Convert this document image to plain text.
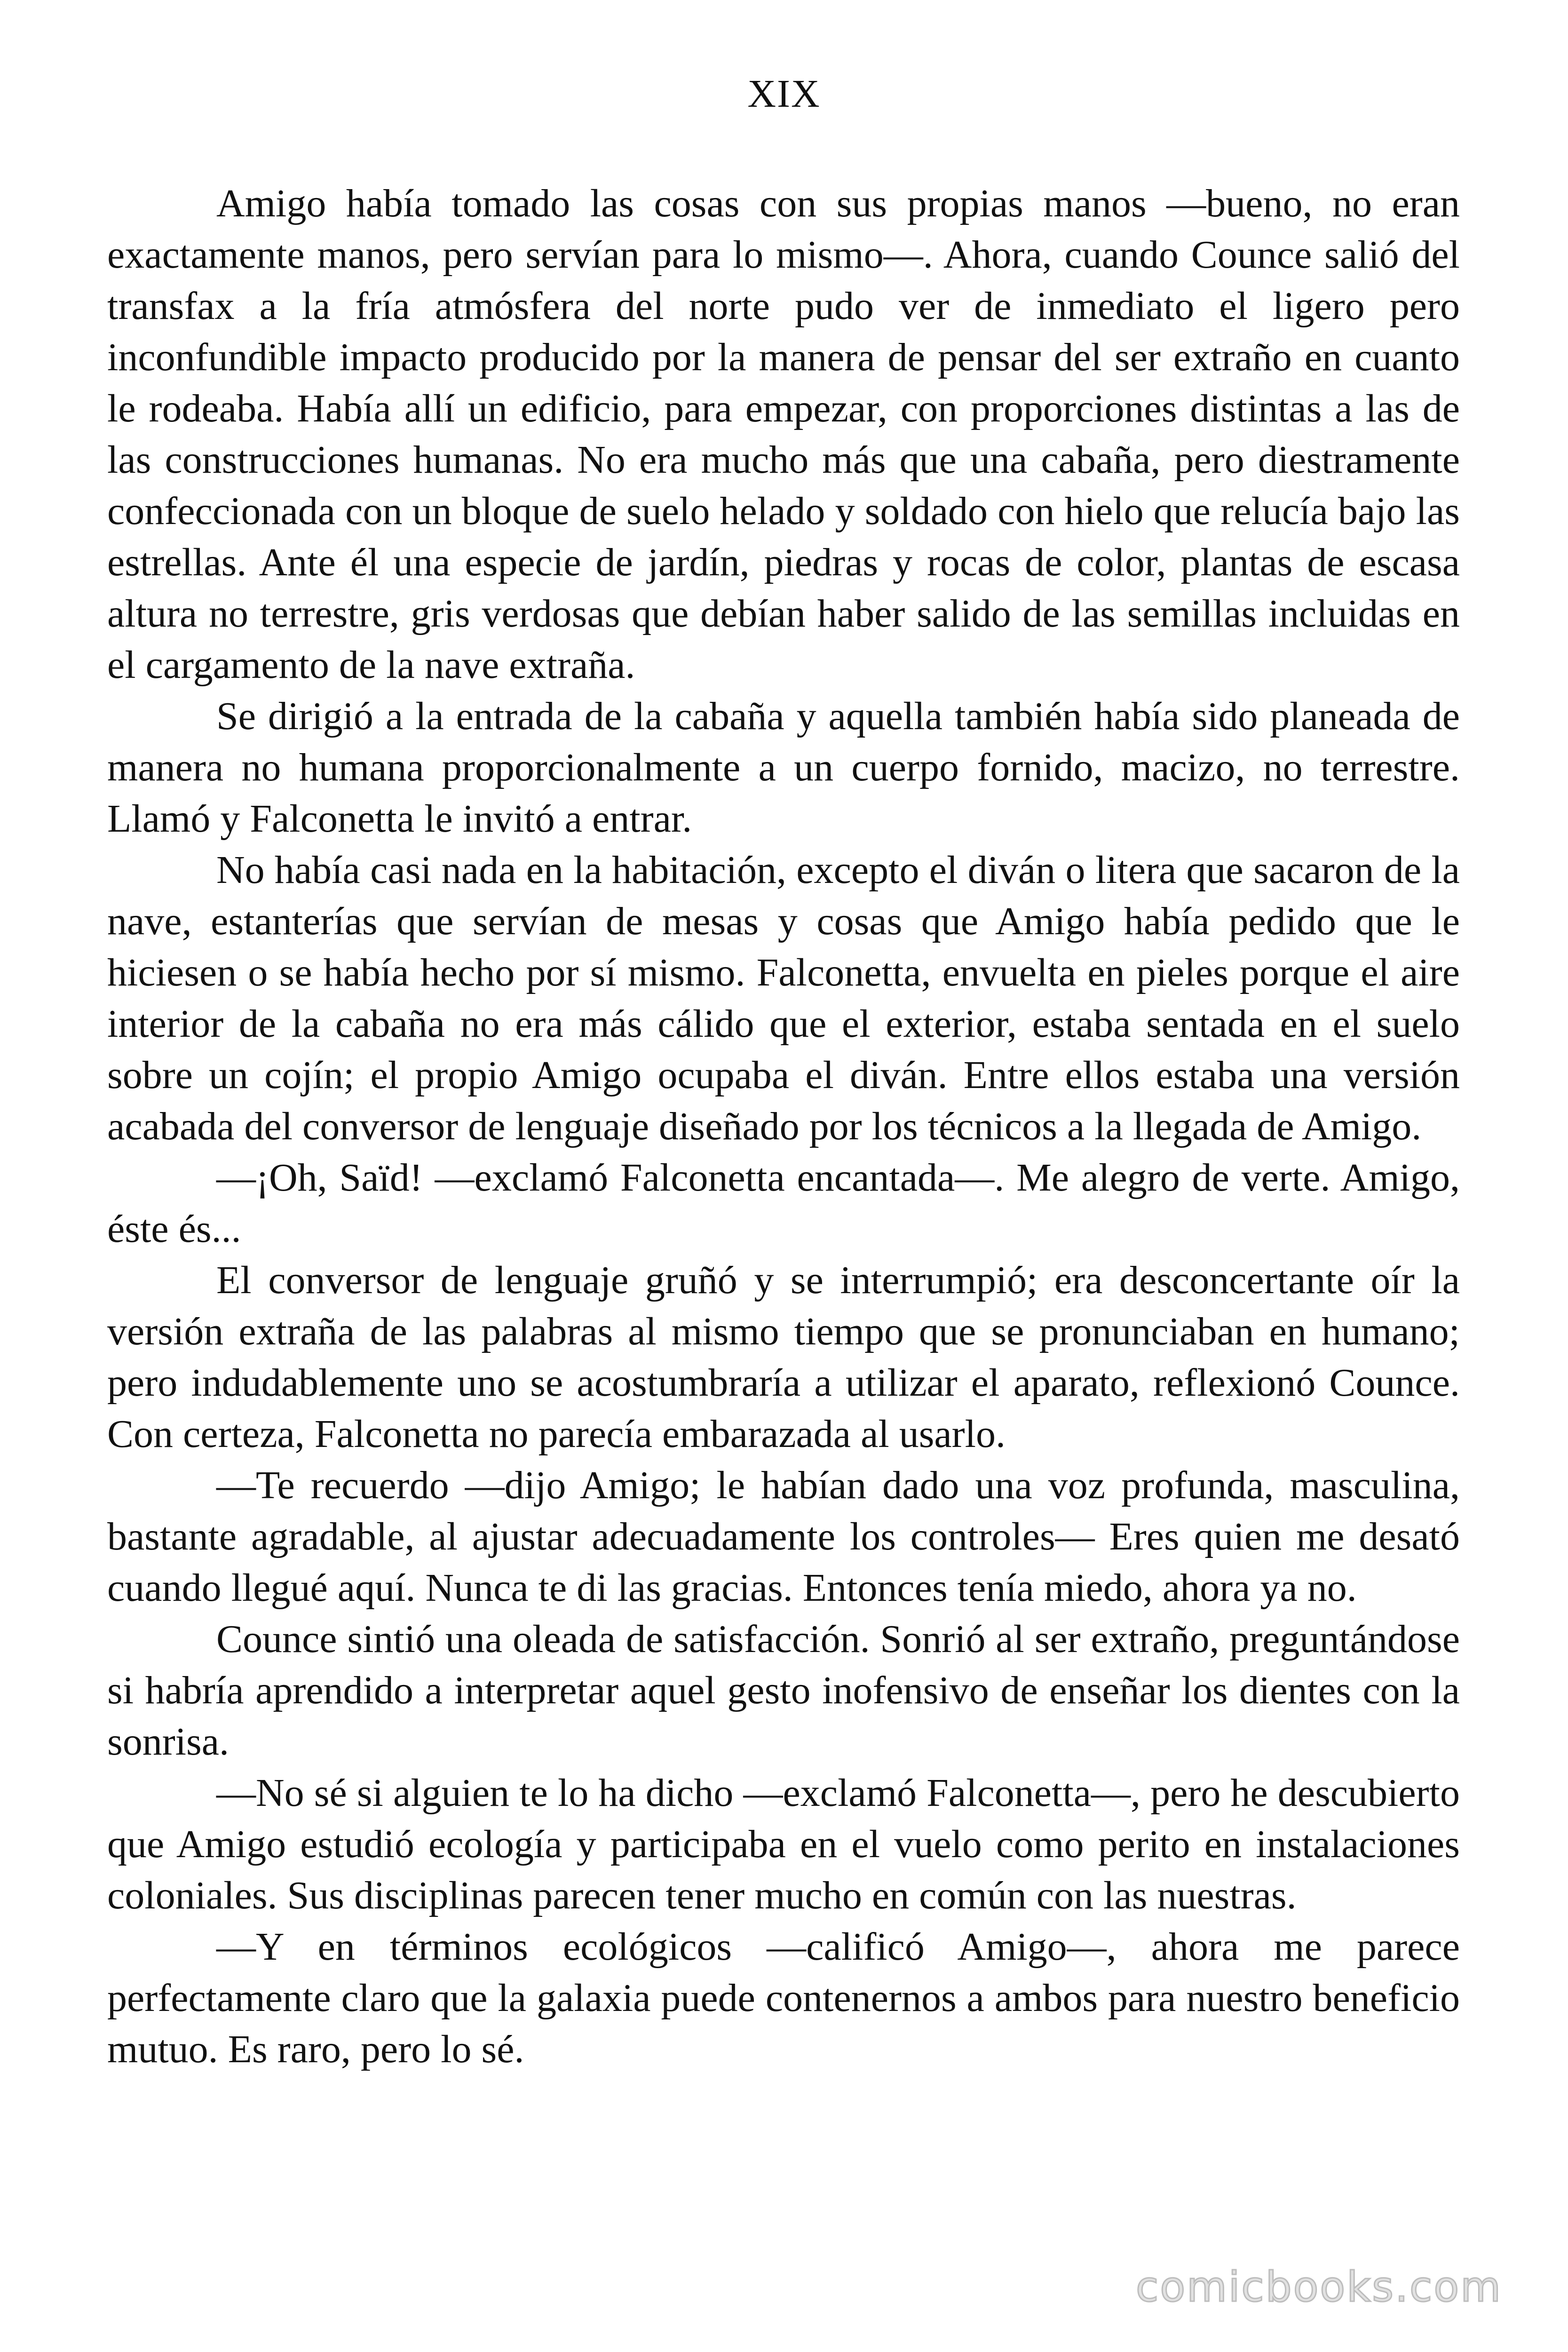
XIX

Amigo había tomado las cosas con sus propias manos —bueno, no eran exactamente manos, pero servían para lo mismo—. Ahora, cuando Counce salió del transfax a la fría atmósfera del norte pudo ver de inmediato el ligero pero inconfundible impacto producido por la manera de pensar del ser extraño en cuanto le rodeaba. Había allí un edificio, para empezar, con proporciones distintas a las de las construcciones humanas. No era mucho más que una cabaña, pero diestramente confeccionada con un bloque de suelo helado y soldado con hielo que relucía bajo las estrellas. Ante él una especie de jardín, piedras y rocas de color, plantas de escasa altura no terrestre, gris verdosas que debían haber salido de las semillas incluidas en el cargamento de la nave extraña.

Se dirigió a la entrada de la cabaña y aquella también había sido planeada de manera no humana proporcionalmente a un cuerpo fornido, macizo, no terrestre. Llamó y Falconetta le invitó a entrar.

No había casi nada en la habitación, excepto el diván o litera que sacaron de la nave, estanterías que servían de mesas y cosas que Amigo había pedido que le hiciesen o se había hecho por sí mismo. Falconetta, envuelta en pieles porque el aire interior de la cabaña no era más cálido que el exterior, estaba sentada en el suelo sobre un cojín; el propio Amigo ocupaba el diván. Entre ellos estaba una versión acabada del conversor de lenguaje diseñado por los técnicos a la llegada de Amigo.

—¡Oh, Saïd! —exclamó Falconetta encantada—. Me alegro de verte. Amigo, éste és...

El conversor de lenguaje gruñó y se interrumpió; era desconcertante oír la versión extraña de las palabras al mismo tiempo que se pronunciaban en humano; pero indudablemente uno se acostumbraría a utilizar el aparato, reflexionó Counce. Con certeza, Falconetta no parecía embarazada al usarlo.

—Te recuerdo —dijo Amigo; le habían dado una voz profunda, masculina, bastante agradable, al ajustar adecuadamente los controles— Eres quien me desató cuando llegué aquí. Nunca te di las gracias. Entonces tenía miedo, ahora ya no.

Counce sintió una oleada de satisfacción. Sonrió al ser extraño, preguntándose si habría aprendido a interpretar aquel gesto inofensivo de enseñar los dientes con la sonrisa.

—No sé si alguien te lo ha dicho —exclamó Falconetta—, pero he descubierto que Amigo estudió ecología y participaba en el vuelo como perito en instalaciones coloniales. Sus disciplinas parecen tener mucho en común con las nuestras.

—Y en términos ecológicos —calificó Amigo—, ahora me parece perfectamente claro que la galaxia puede contenernos a ambos para nuestro beneficio mutuo. Es raro, pero lo sé.

comicbooks.com
